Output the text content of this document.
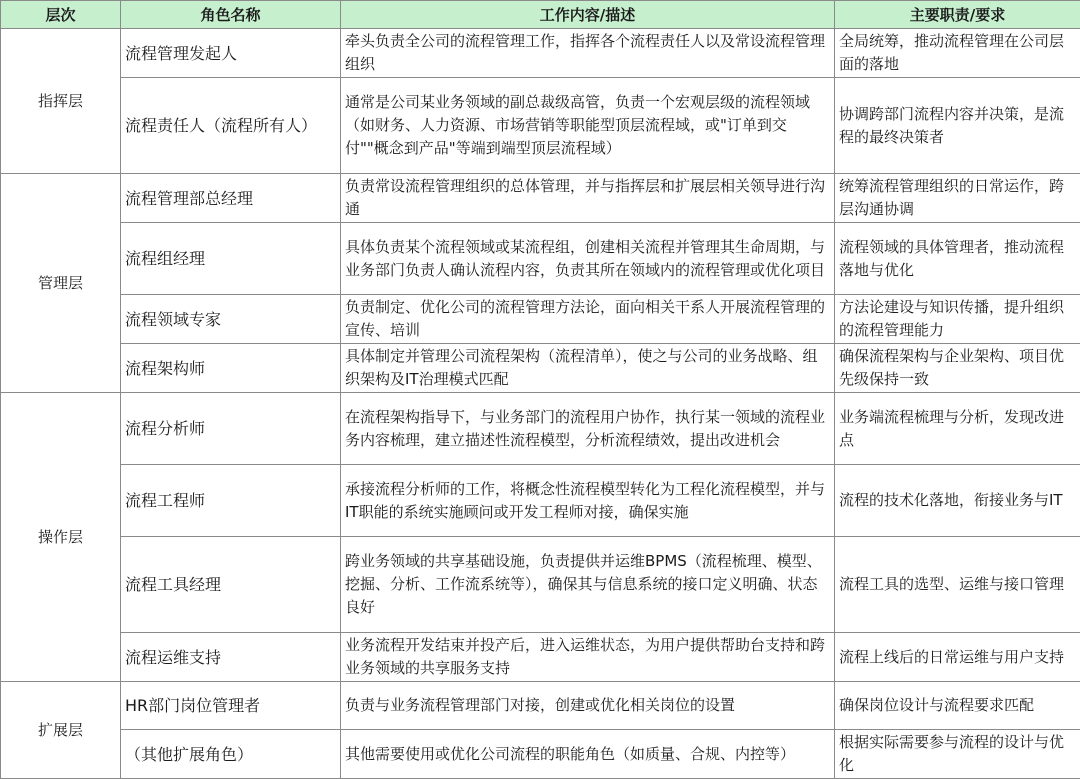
层次	角色名称	工作内容/描述	主要职责/要求
指挥层	流程管理发起人	牵头负责全公司的流程管理工作，指挥各个流程责任人以及常设流程管理组织	全局统筹，推动流程管理在公司层面的落地
	流程责任人（流程所有人）	通常是公司某业务领域的副总裁级高管，负责一个宏观层级的流程领域（如财务、人力资源、市场营销等职能型顶层流程域，或"订单到交付""概念到产品"等端到端型顶层流程域）	协调跨部门流程内容并决策，是流程的最终决策者
管理层	流程管理部总经理	负责常设流程管理组织的总体管理，并与指挥层和扩展层相关领导进行沟通	统筹流程管理组织的日常运作，跨层沟通协调
	流程组经理	具体负责某个流程领域或某流程组，创建相关流程并管理其生命周期，与业务部门负责人确认流程内容，负责其所在领域内的流程管理或优化项目	流程领域的具体管理者，推动流程落地与优化
	流程领域专家	负责制定、优化公司的流程管理方法论，面向相关干系人开展流程管理的宣传、培训	方法论建设与知识传播，提升组织的流程管理能力
	流程架构师	具体制定并管理公司流程架构（流程清单），使之与公司的业务战略、组织架构及IT治理模式匹配	确保流程架构与企业架构、项目优先级保持一致
操作层	流程分析师	在流程架构指导下，与业务部门的流程用户协作，执行某一领域的流程业务内容梳理，建立描述性流程模型，分析流程绩效，提出改进机会	业务端流程梳理与分析，发现改进点
	流程工程师	承接流程分析师的工作，将概念性流程模型转化为工程化流程模型，并与IT职能的系统实施顾问或开发工程师对接，确保实施	流程的技术化落地，衔接业务与IT
	流程工具经理	跨业务领域的共享基础设施，负责提供并运维BPMS（流程梳理、模型、挖掘、分析、工作流系统等），确保其与信息系统的接口定义明确、状态良好	流程工具的选型、运维与接口管理
	流程运维支持	业务流程开发结束并投产后，进入运维状态，为用户提供帮助台支持和跨业务领域的共享服务支持	流程上线后的日常运维与用户支持
扩展层	HR部门岗位管理者	负责与业务流程管理部门对接，创建或优化相关岗位的设置	确保岗位设计与流程要求匹配
	（其他扩展角色）	其他需要使用或优化公司流程的职能角色（如质量、合规、内控等）	根据实际需要参与流程的设计与优化
